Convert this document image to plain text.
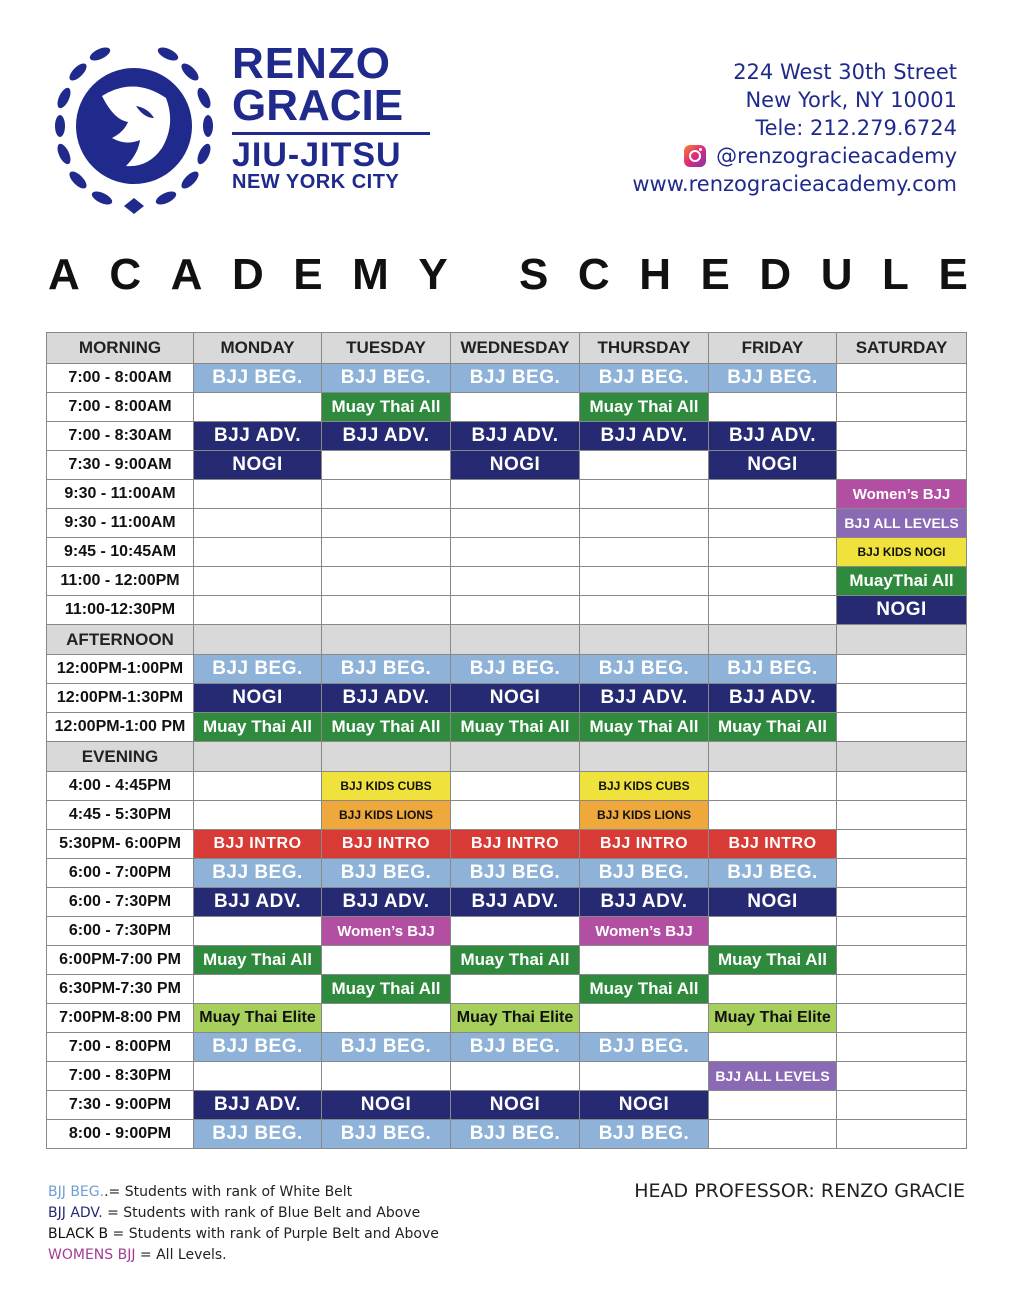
RENZO
GRACIE
JIU-JITSU
NEW YORK CITY
224 West 30th Street
New York, NY 10001
Tele: 212.279.6724
@renzogracieacademy
www.renzogracieacademy.com
A C A D E M Y
S C H E D U L E
MORNING	MONDAY	TUESDAY	WEDNESDAY	THURSDAY	FRIDAY	SATURDAY
7:00 - 8:00AM	BJJ BEG.	BJJ BEG.	BJJ BEG.	BJJ BEG.	BJJ BEG.	
7:00 - 8:00AM		Muay Thai All		Muay Thai All		
7:00 - 8:30AM	BJJ ADV.	BJJ ADV.	BJJ ADV.	BJJ ADV.	BJJ ADV.	
7:30 - 9:00AM	NOGI		NOGI		NOGI	
9:30 - 11:00AM						Women’s BJJ
9:30 - 11:00AM						BJJ ALL LEVELS
9:45 - 10:45AM						BJJ KIDS NOGI
11:00 - 12:00PM						MuayThai All
11:00-12:30PM						NOGI
AFTERNOON						
12:00PM-1:00PM	BJJ BEG.	BJJ BEG.	BJJ BEG.	BJJ BEG.	BJJ BEG.	
12:00PM-1:30PM	NOGI	BJJ ADV.	NOGI	BJJ ADV.	BJJ ADV.	
12:00PM-1:00 PM	Muay Thai All	Muay Thai All	Muay Thai All	Muay Thai All	Muay Thai All	
EVENING						
4:00 - 4:45PM		BJJ KIDS CUBS		BJJ KIDS CUBS		
4:45 - 5:30PM		BJJ KIDS LIONS		BJJ KIDS LIONS		
5:30PM- 6:00PM	BJJ INTRO	BJJ INTRO	BJJ INTRO	BJJ INTRO	BJJ INTRO	
6:00 - 7:00PM	BJJ BEG.	BJJ BEG.	BJJ BEG.	BJJ BEG.	BJJ BEG.	
6:00 - 7:30PM	BJJ ADV.	BJJ ADV.	BJJ ADV.	BJJ ADV.	NOGI	
6:00 - 7:30PM		Women’s BJJ		Women’s BJJ		
6:00PM-7:00 PM	Muay Thai All		Muay Thai All		Muay Thai All	
6:30PM-7:30 PM		Muay Thai All		Muay Thai All		
7:00PM-8:00 PM	Muay Thai Elite		Muay Thai Elite		Muay Thai Elite	
7:00 - 8:00PM	BJJ BEG.	BJJ BEG.	BJJ BEG.	BJJ BEG.		
7:00 - 8:30PM					BJJ ALL LEVELS	
7:30 - 9:00PM	BJJ ADV.	NOGI	NOGI	NOGI		
8:00 - 9:00PM	BJJ BEG.	BJJ BEG.	BJJ BEG.	BJJ BEG.		
BJJ BEG..= Students with rank of White Belt
BJJ ADV. = Students with rank of Blue Belt and Above
BLACK B = Students with rank of Purple Belt and Above
WOMENS BJJ = All Levels.
HEAD PROFESSOR: RENZO GRACIE
